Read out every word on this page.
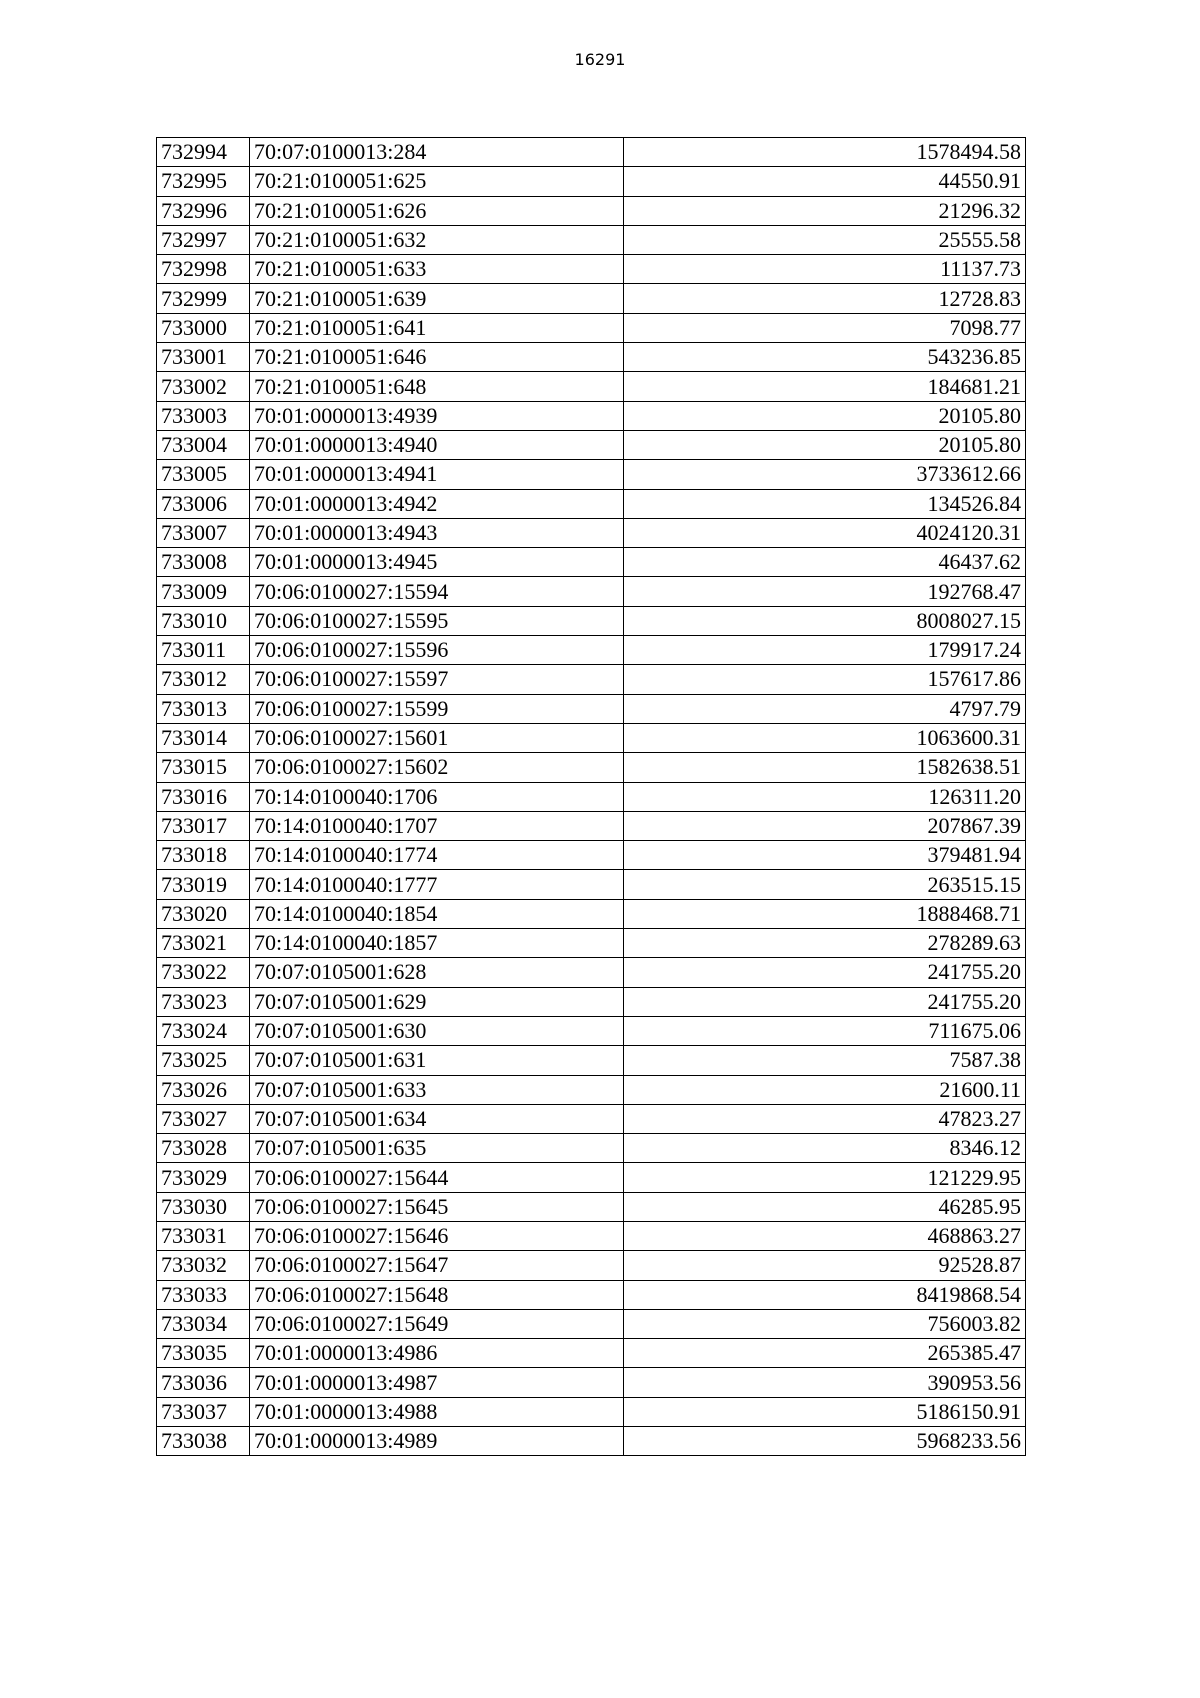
16291
732994	70:07:0100013:284	1578494.58
732995	70:21:0100051:625	44550.91
732996	70:21:0100051:626	21296.32
732997	70:21:0100051:632	25555.58
732998	70:21:0100051:633	11137.73
732999	70:21:0100051:639	12728.83
733000	70:21:0100051:641	7098.77
733001	70:21:0100051:646	543236.85
733002	70:21:0100051:648	184681.21
733003	70:01:0000013:4939	20105.80
733004	70:01:0000013:4940	20105.80
733005	70:01:0000013:4941	3733612.66
733006	70:01:0000013:4942	134526.84
733007	70:01:0000013:4943	4024120.31
733008	70:01:0000013:4945	46437.62
733009	70:06:0100027:15594	192768.47
733010	70:06:0100027:15595	8008027.15
733011	70:06:0100027:15596	179917.24
733012	70:06:0100027:15597	157617.86
733013	70:06:0100027:15599	4797.79
733014	70:06:0100027:15601	1063600.31
733015	70:06:0100027:15602	1582638.51
733016	70:14:0100040:1706	126311.20
733017	70:14:0100040:1707	207867.39
733018	70:14:0100040:1774	379481.94
733019	70:14:0100040:1777	263515.15
733020	70:14:0100040:1854	1888468.71
733021	70:14:0100040:1857	278289.63
733022	70:07:0105001:628	241755.20
733023	70:07:0105001:629	241755.20
733024	70:07:0105001:630	711675.06
733025	70:07:0105001:631	7587.38
733026	70:07:0105001:633	21600.11
733027	70:07:0105001:634	47823.27
733028	70:07:0105001:635	8346.12
733029	70:06:0100027:15644	121229.95
733030	70:06:0100027:15645	46285.95
733031	70:06:0100027:15646	468863.27
733032	70:06:0100027:15647	92528.87
733033	70:06:0100027:15648	8419868.54
733034	70:06:0100027:15649	756003.82
733035	70:01:0000013:4986	265385.47
733036	70:01:0000013:4987	390953.56
733037	70:01:0000013:4988	5186150.91
733038	70:01:0000013:4989	5968233.56
